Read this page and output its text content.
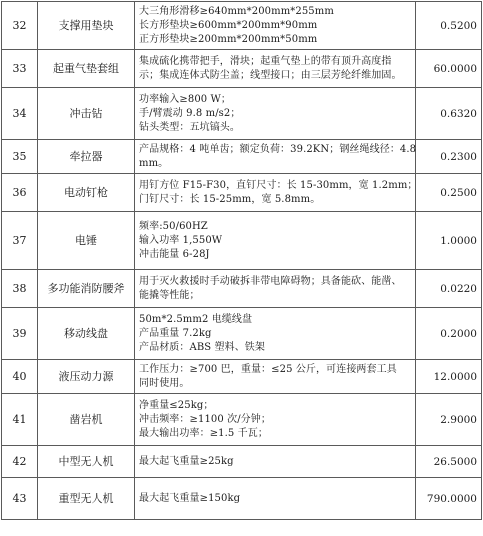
32	支撑用垫块	大三角形滑移≥640mm*200mm*255mm
长方形垫块≥600mm*200mm*90mm
正方形垫块≥200mm*200mm*50mm	0.5200
33	起重气垫套组	集成硫化携带把手，滑块；起重气垫上的带有顶升高度指
示；集成连体式防尘盖；线型接口；由三层芳纶纤维加固。	60.0000
34	冲击钻	功率输入≥800 W；
手/臂震动 9.8 m/s2；
钻头类型：五坑镐头。	0.6320
35	牵拉器	产品规格：4 吨单齿；额定负荷：39.2KN；钢丝绳线径：4.8
mm。	0.2300
36	电动钉枪	用钉方位 F15-F30，直钉尺寸：长 15-30mm，宽 1.2mm；
门钉尺寸：长 15-25mm，宽 5.8mm。	0.2500
37	电锤	频率:50/60HZ
输入功率 1,550W
冲击能量 6-28J	1.0000
38	多功能消防腰斧	用于灭火救援时手动破拆非带电障碍物；具备能砍、能凿、
能撬等性能；	0.0220
39	移动线盘	50m*2.5mm2 电缆线盘
产品重量 7.2kg
产品材质：ABS 塑料、铁架	0.2000
40	液压动力源	工作压力：≥700 巴，重量：≤25 公斤，可连接两套工具
同时使用。	12.0000
41	凿岩机	净重量≤25kg；
冲击频率：≥1100 次/分钟；
最大输出功率：≥1.5 千瓦；	2.9000
42	中型无人机	最大起飞重量≥25kg	26.5000
43	重型无人机	最大起飞重量≥150kg	790.0000
